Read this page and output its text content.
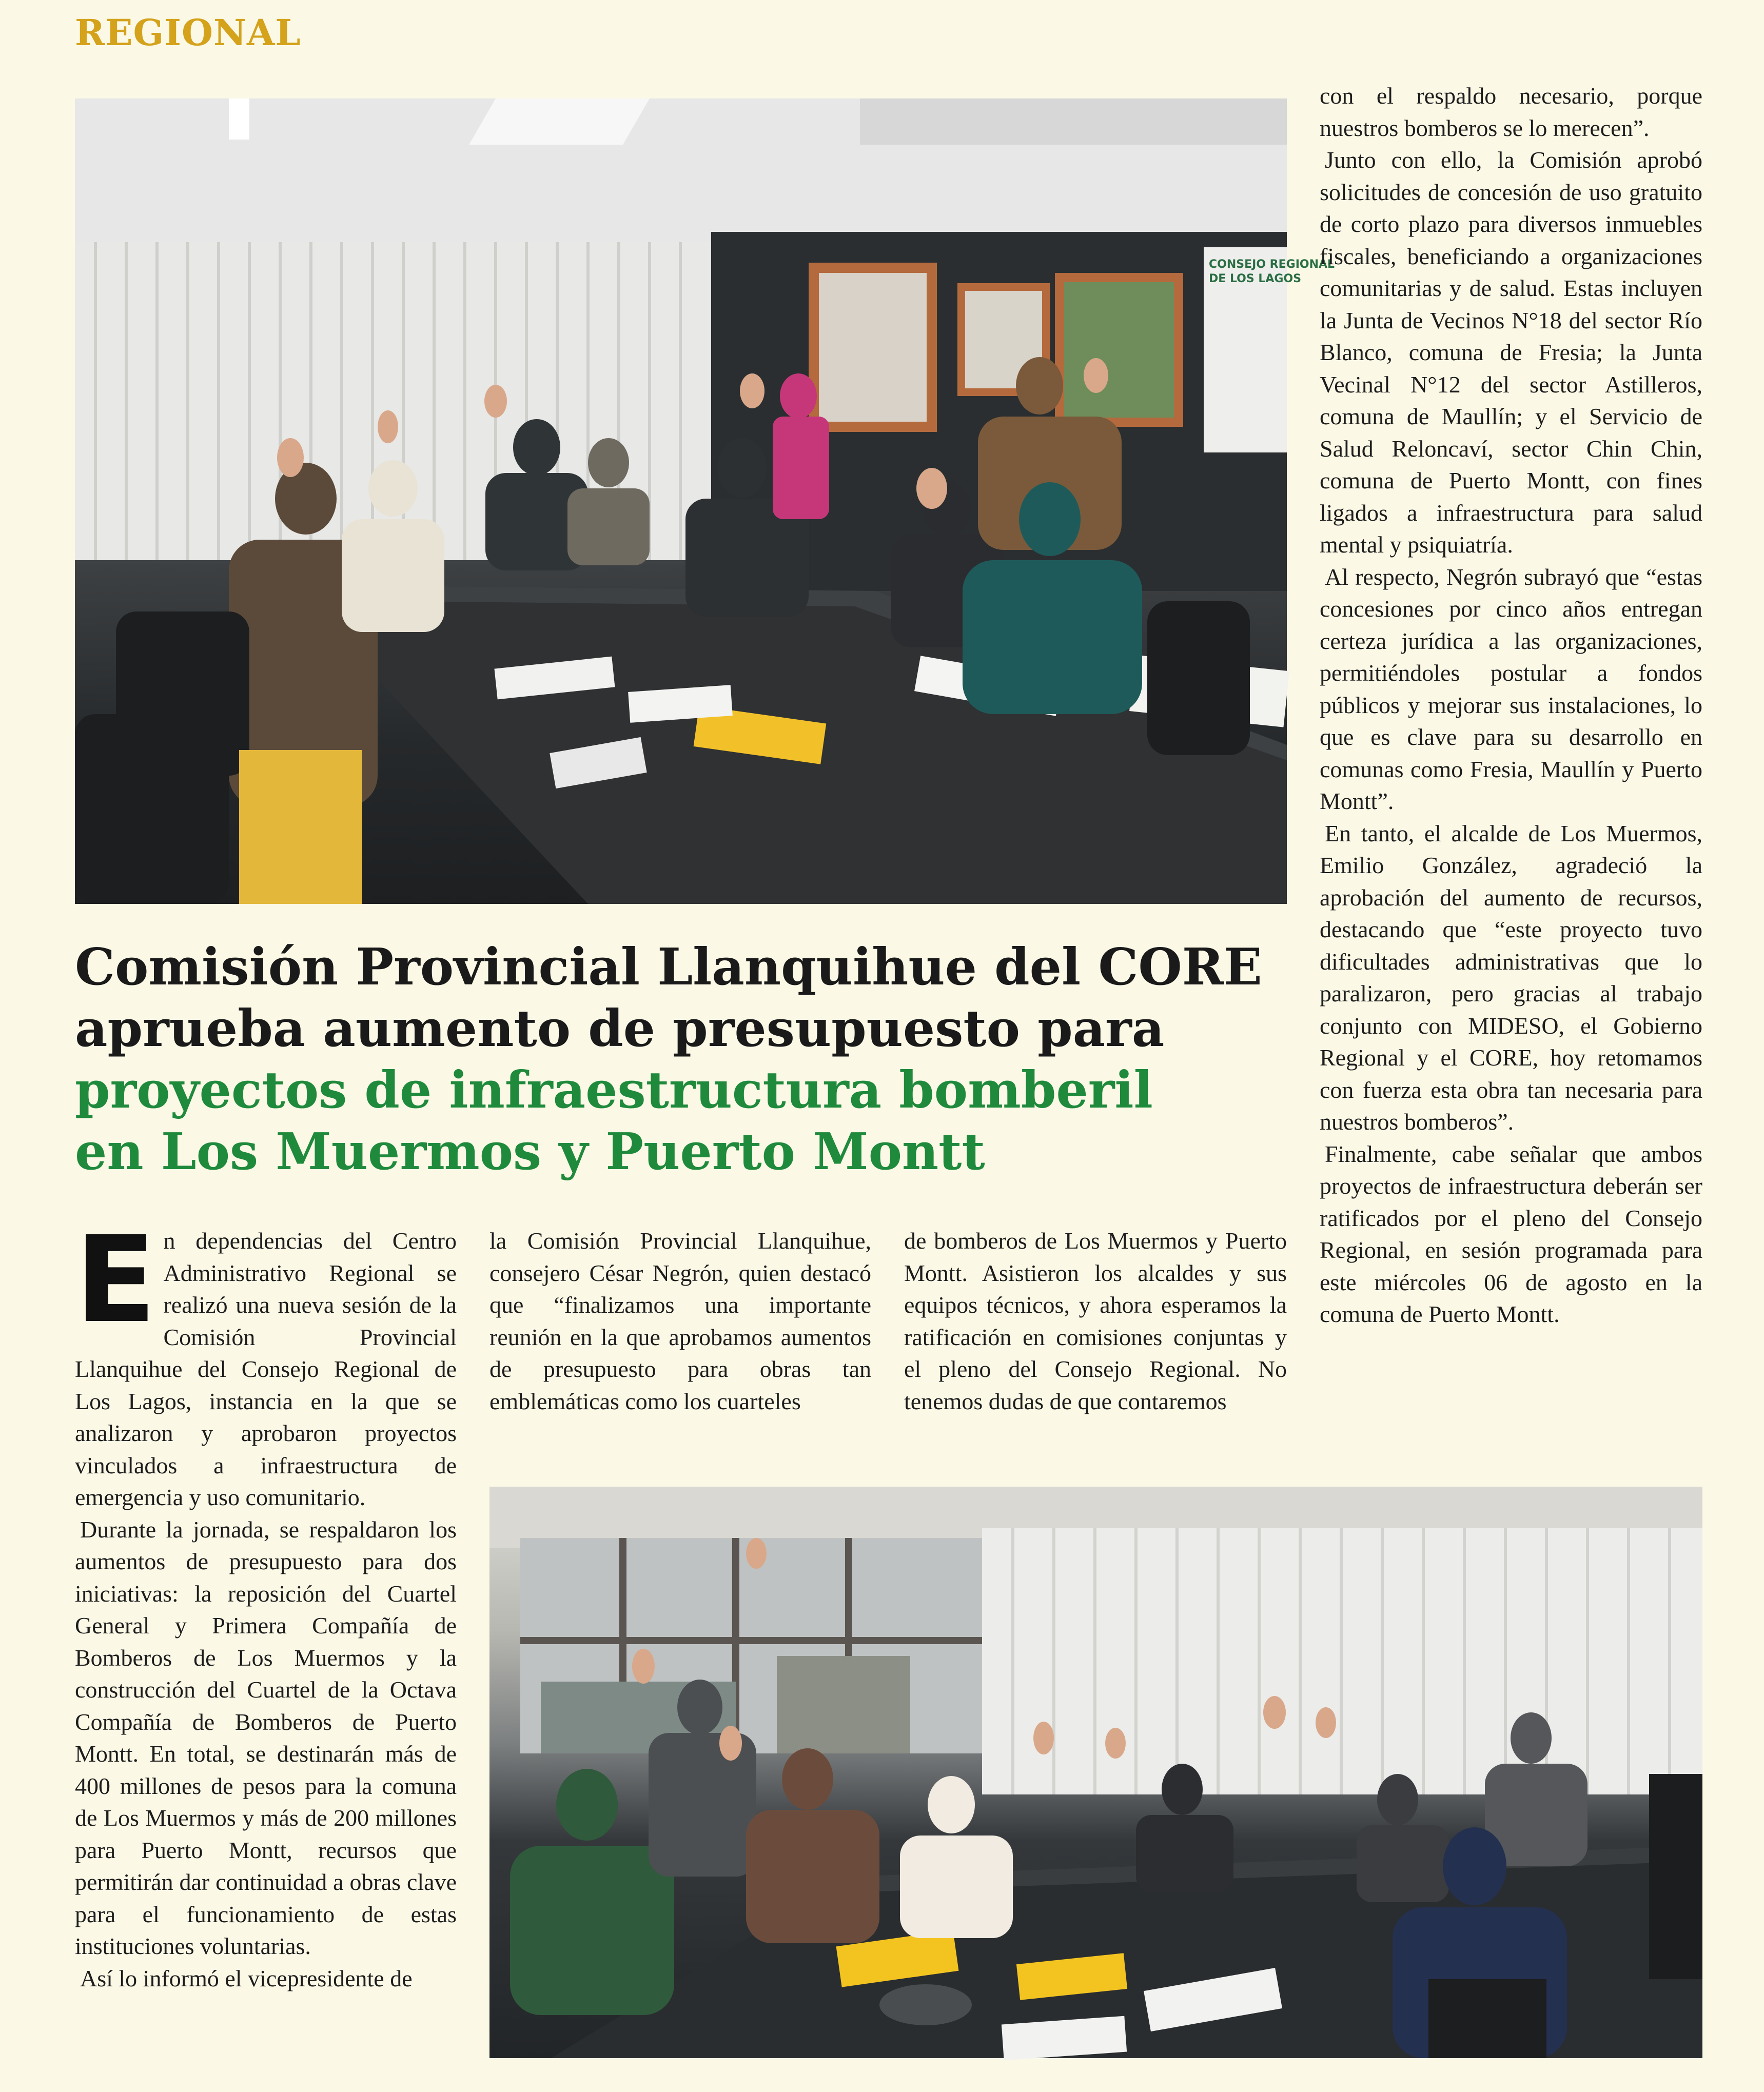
REGIONAL
CONSEJO REGIONAL
DE LOS LAGOS
Comisión Provincial Llanquihue del CORE
aprueba aumento de presupuesto para
proyectos de infraestructura bomberil
en Los Muermos y Puerto Montt

En dependencias del Centro Administrativo Regional se realizó una nueva sesión de la Comisión Provincial Llanquihue del Consejo Regional de Los Lagos, instancia en la que se analizaron y aprobaron proyectos vinculados a infraestructura de emergencia y uso comunitario.

Durante la jornada, se respaldaron los aumentos de presupuesto para dos iniciativas: la reposición del Cuartel General y Primera Compañía de Bomberos de Los Muermos y la construcción del Cuartel de la Octava Compañía de Bomberos de Puerto Montt. En total, se destinarán más de 400 millones de pesos para la comuna de Los Muermos y más de 200 millones para Puerto Montt, recursos que permitirán dar continuidad a obras clave para el funcionamiento de estas instituciones voluntarias.

Así lo informó el vicepresidente de

la Comisión Provincial Llanquihue, consejero César Negrón, quien destacó que “finalizamos una importante reunión en la que aprobamos aumentos de presupuesto para obras tan emblemáticas como los cuarteles

de bomberos de Los Muermos y Puerto Montt. Asistieron los alcaldes y sus equipos técnicos, y ahora esperamos la ratificación en comisiones conjuntas y el pleno del Consejo Regional. No tenemos dudas de que contaremos

con el respaldo necesario, porque nuestros bomberos se lo merecen”.

Junto con ello, la Comisión aprobó solicitudes de concesión de uso gratuito de corto plazo para diversos inmuebles fiscales, beneficiando a organizaciones comunitarias y de salud. Estas incluyen la Junta de Vecinos N°18 del sector Río Blanco, comuna de Fresia; la Junta Vecinal N°12 del sector Astilleros, comuna de Maullín; y el Servicio de Salud Reloncaví, sector Chin Chin, comuna de Puerto Montt, con fines ligados a infraestructura para salud mental y psiquiatría.

Al respecto, Negrón subrayó que “estas concesiones por cinco años entregan certeza jurídica a las organizaciones, permitiéndoles postular a fondos públicos y mejorar sus instalaciones, lo que es clave para su desarrollo en comunas como Fresia, Maullín y Puerto Montt”.

En tanto, el alcalde de Los Muermos, Emilio González, agradeció la aprobación del aumento de recursos, destacando que “este proyecto tuvo dificultades administrativas que lo paralizaron, pero gracias al trabajo conjunto con MIDESO, el Gobierno Regional y el CORE, hoy retomamos con fuerza esta obra tan necesaria para nuestros bomberos”.

Finalmente, cabe señalar que ambos proyectos de infraestructura deberán ser ratificados por el pleno del Consejo Regional, en sesión programada para este miércoles 06 de agosto en la comuna de Puerto Montt.
